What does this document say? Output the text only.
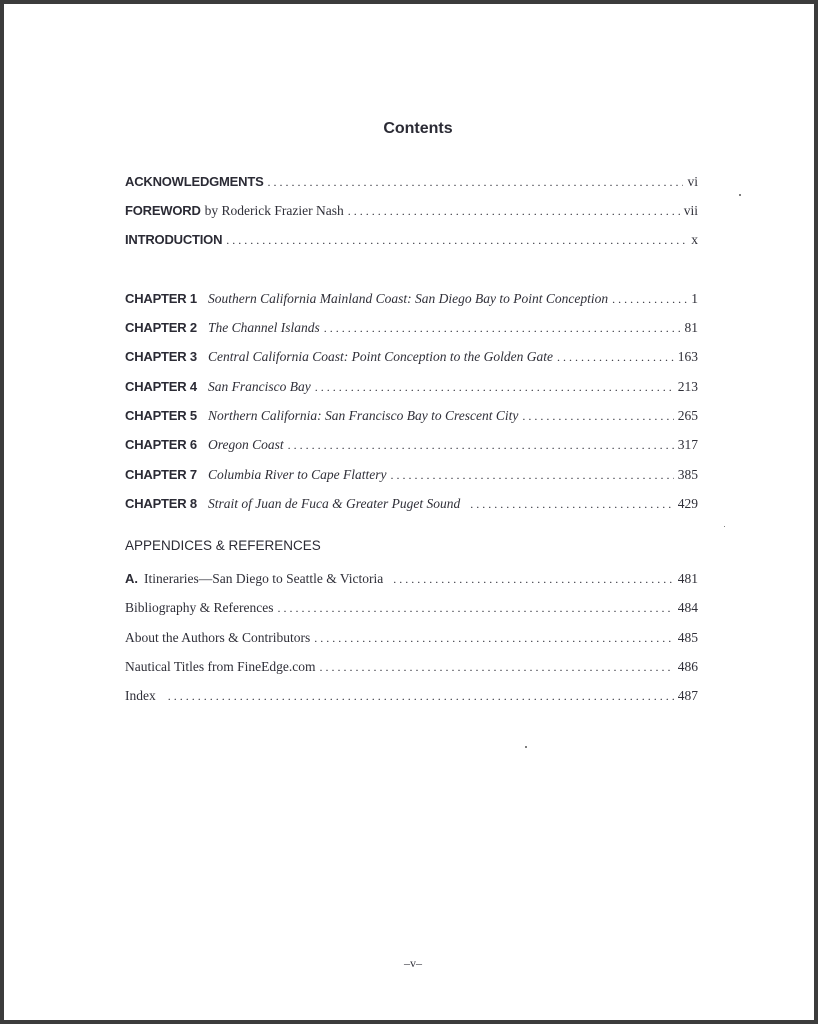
Contents
ACKNOWLEDGMENTS . . .	vi
FOREWORD by Roderick Frazier Nash . . .	vii
INTRODUCTION . . .	x
CHAPTER 1 Southern California Mainland Coast: San Diego Bay to Point Conception . . .	1
CHAPTER 2 The Channel Islands . . .	81
CHAPTER 3 Central California Coast: Point Conception to the Golden Gate . . .	163
CHAPTER 4 San Francisco Bay . . .	213
CHAPTER 5 Northern California: San Francisco Bay to Crescent City . . .	265
CHAPTER 6 Oregon Coast . . .	317
CHAPTER 7 Columbia River to Cape Flattery . . .	385
CHAPTER 8 Strait of Juan de Fuca & Greater Puget Sound . . .	429
APPENDICES & REFERENCES
A. Itineraries—San Diego to Seattle & Victoria . . .	481
Bibliography & References . . .	484
About the Authors & Contributors . . .	485
Nautical Titles from FineEdge.com . . .	486
Index . . .	487
–v–
